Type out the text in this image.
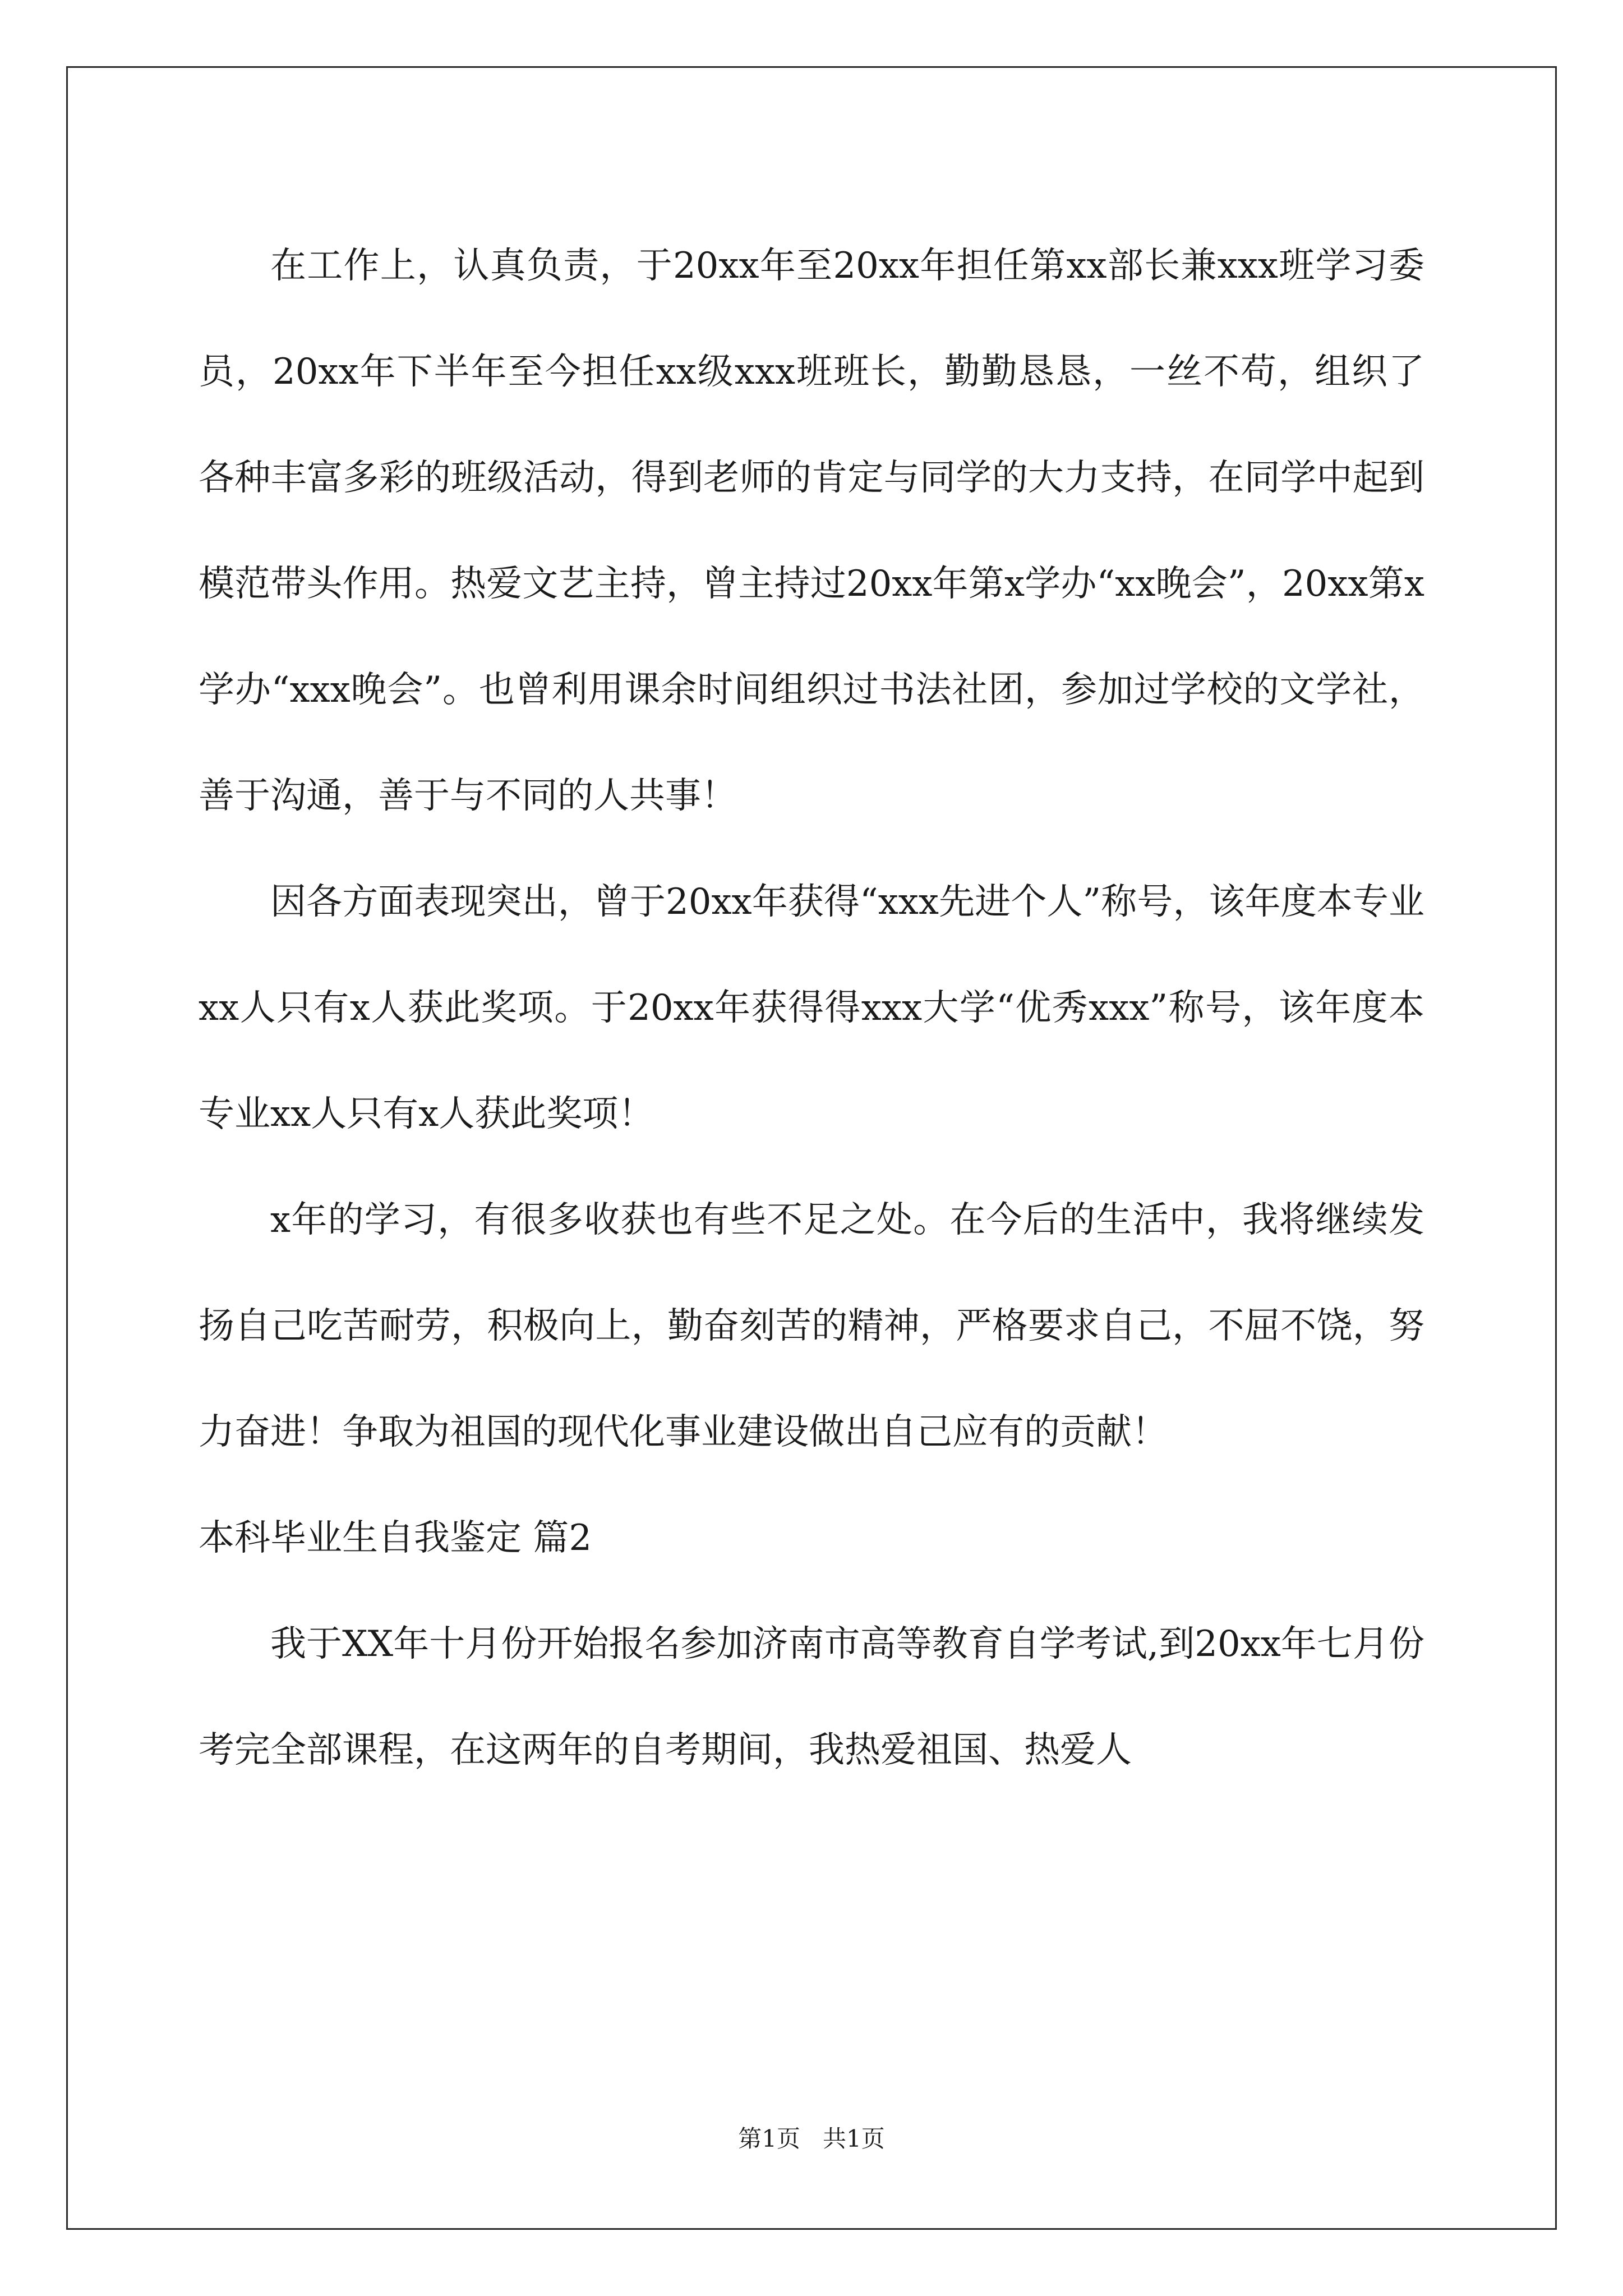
在工作上，认真负责，于20xx年至20xx年担任第xx部长兼xxx班学习委员，20xx年下半年至今担任xx级xxx班班长，勤勤恳恳，一丝不苟，组织了各种丰富多彩的班级活动，得到老师的肯定与同学的大力支持，在同学中起到模范带头作用。热爱文艺主持，曾主持过20xx年第x学办“xx晚会”，20xx第x学办“xxx晚会”。也曾利用课余时间组织过书法社团，参加过学校的文学社，善于沟通，善于与不同的人共事！

因各方面表现突出，曾于20xx年获得“xxx先进个人”称号，该年度本专业xx人只有x人获此奖项。于20xx年获得得xxx大学“优秀xxx”称号，该年度本专业xx人只有x人获此奖项！

x年的学习，有很多收获也有些不足之处。在今后的生活中，我将继续发扬自己吃苦耐劳，积极向上，勤奋刻苦的精神，严格要求自己，不屈不饶，努力奋进！争取为祖国的现代化事业建设做出自己应有的贡献！

本科毕业生自我鉴定 篇2

我于XX年十月份开始报名参加济南市高等教育自学考试,到20xx年七月份考完全部课程，在这两年的自考期间，我热爱祖国、热爱人

第1页   共1页
